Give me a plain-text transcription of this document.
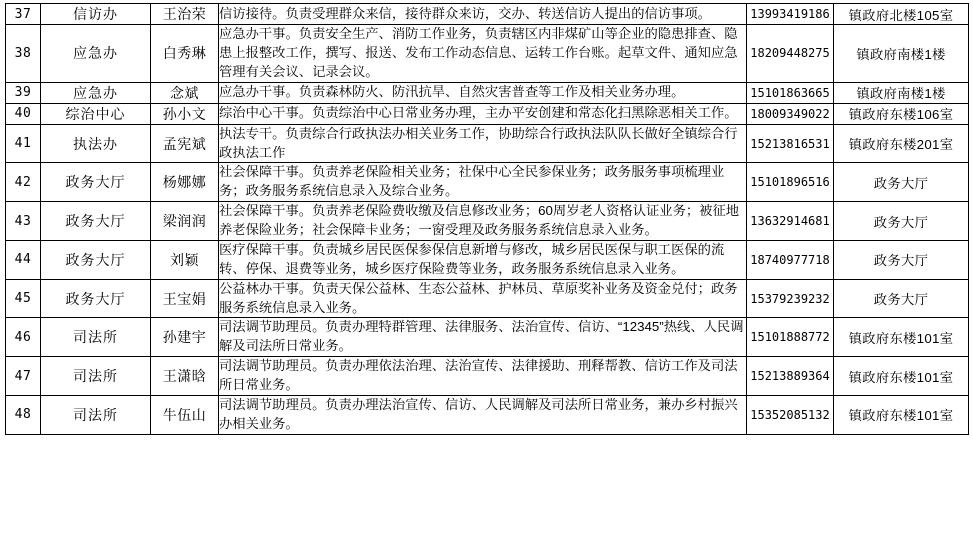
37	信访办	王治荣	信访接待。负责受理群众来信，接待群众来访，交办、转送信访人提出的信访事项。	13993419186	镇政府北楼105室
38	应急办	白秀琳	应急办干事。负责安全生产、消防工作业务，负责辖区内非煤矿山等企业的隐患排查、隐患上报整改工作，撰写、报送、发布工作动态信息、运转工作台账。起草文件、通知应急管理有关会议、记录会议。	18209448275	镇政府南楼1楼
39	应急办	念斌	应急办干事。负责森林防火、防汛抗旱、自然灾害普查等工作及相关业务办理。	15101863665	镇政府南楼1楼
40	综治中心	孙小文	综治中心干事。负责综治中心日常业务办理，主办平安创建和常态化扫黑除恶相关工作。	18009349022	镇政府东楼106室
41	执法办	孟宪斌	执法专干。负责综合行政执法办相关业务工作，协助综合行政执法队队长做好全镇综合行政执法工作	15213816531	镇政府东楼201室
42	政务大厅	杨娜娜	社会保障干事。负责养老保险相关业务；社保中心全民参保业务；政务服务事项梳理业务；政务服务系统信息录入及综合业务。	15101896516	政务大厅
43	政务大厅	梁润润	社会保障干事。负责养老保险费收缴及信息修改业务；60周岁老人资格认证业务；被征地养老保险业务；社会保障卡业务；一窗受理及政务服务系统信息录入业务。	13632914681	政务大厅
44	政务大厅	刘颖	医疗保障干事。负责城乡居民医保参保信息新增与修改，城乡居民医保与职工医保的流转、停保、退费等业务，城乡医疗保险费等业务，政务服务系统信息录入业务。	18740977718	政务大厅
45	政务大厅	王宝娟	公益林办干事。负责天保公益林、生态公益林、护林员、草原奖补业务及资金兑付；政务服务系统信息录入业务。	15379239232	政务大厅
46	司法所	孙建宇	司法调节助理员。负责办理特群管理、法律服务、法治宣传、信访、“12345”热线、人民调解及司法所日常业务。	15101888772	镇政府东楼101室
47	司法所	王潇晗	司法调节助理员。负责办理依法治理、法治宣传、法律援助、刑释帮教、信访工作及司法所日常业务。	15213889364	镇政府东楼101室
48	司法所	牛伍山	司法调节助理员。负责办理法治宣传、信访、人民调解及司法所日常业务，兼办乡村振兴办相关业务。	15352085132	镇政府东楼101室
